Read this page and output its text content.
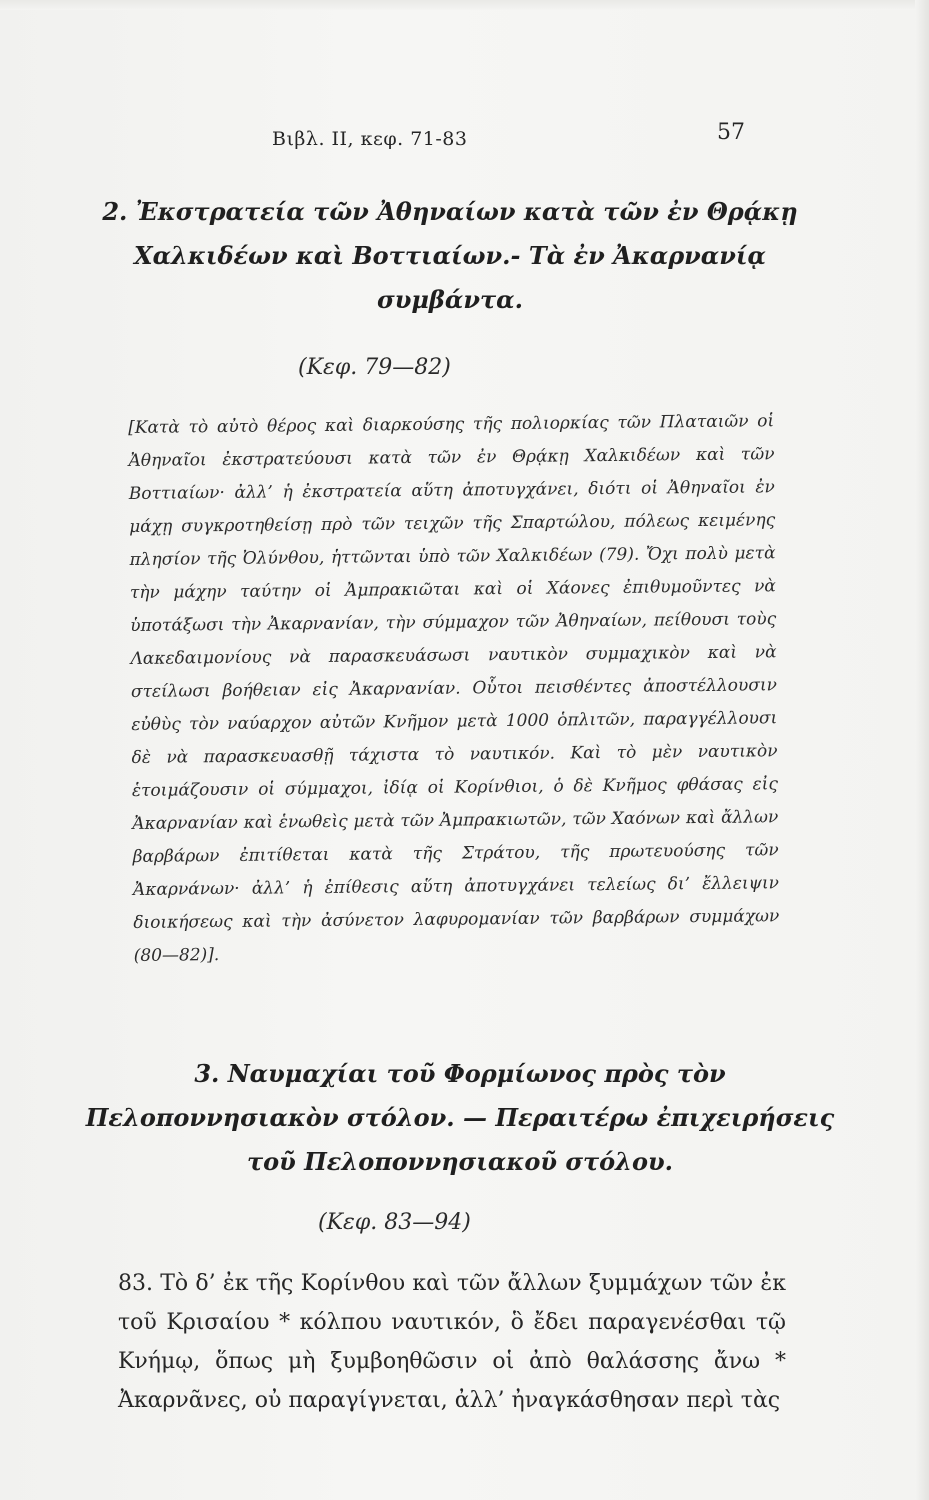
Βιβλ. ΙΙ, κεφ. 71-83	57
2. Ἐκστρατεία τῶν Ἀθηναίων κατὰ τῶν ἐν Θρᾴκῃ Χαλκιδέων καὶ Βοττιαίων.- Τὰ ἐν Ἀκαρνανίᾳ συμβάντα.
(Κεφ. 79—82)
[Κατὰ τὸ αὐτὸ θέρος καὶ διαρκούσης τῆς πολιορκίας τῶν Πλαταιῶν οἱ Ἀθηναῖοι ἐκστρατεύουσι κατὰ τῶν ἐν Θρᾴκῃ Χαλκιδέων καὶ τῶν Βοττιαίων· ἀλλ’ ἡ ἐκστρατεία αὕτη ἀποτυγχάνει, διότι οἱ Ἀθηναῖοι ἐν μάχῃ συγκροτηθείσῃ πρὸ τῶν τειχῶν τῆς Σπαρτώλου, πόλεως κειμένης πλησίον τῆς Ὀλύνθου, ἡττῶνται ὑπὸ τῶν Χαλκιδέων (79). Ὄχι πολὺ μετὰ τὴν μάχην ταύτην οἱ Ἀμπρακιῶται καὶ οἱ Χάονες ἐπιθυμοῦντες νὰ ὑποτάξωσι τὴν Ἀκαρνανίαν, τὴν σύμμαχον τῶν Ἀθηναίων, πείθουσι τοὺς Λακεδαιμονίους νὰ παρασκευάσωσι ναυτικὸν συμμαχικὸν καὶ νὰ στείλωσι βοήθειαν εἰς Ἀκαρνανίαν. Οὗτοι πεισθέντες ἀποστέλλουσιν εὐθὺς τὸν ναύαρχον αὐτῶν Κνῆμον μετὰ 1000 ὁπλιτῶν, παραγγέλλουσι δὲ νὰ παρασκευασθῇ τάχιστα τὸ ναυτικόν. Καὶ τὸ μὲν ναυτικὸν ἑτοιμάζουσιν οἱ σύμμαχοι, ἰδίᾳ οἱ Κορίνθιοι, ὁ δὲ Κνῆμος φθάσας εἰς Ἀκαρνανίαν καὶ ἑνωθεὶς μετὰ τῶν Ἀμπρακιωτῶν, τῶν Χαόνων καὶ ἄλλων βαρβάρων ἐπιτίθεται κατὰ τῆς Στράτου, τῆς πρωτευούσης τῶν Ἀκαρνάνων· ἀλλ’ ἡ ἐπίθεσις αὕτη ἀποτυγχάνει τελείως δι’ ἔλλειψιν διοικήσεως καὶ τὴν ἀσύνετον λαφυρομανίαν τῶν βαρβάρων συμμάχων (80—82)].
3. Ναυμαχίαι τοῦ Φορμίωνος πρὸς τὸν Πελοποννησιακὸν στόλον. — Περαιτέρω ἐπιχειρήσεις τοῦ Πελοποννησιακοῦ στόλου.
(Κεφ. 83—94)
83. Τὸ δ’ ἐκ τῆς Κορίνθου καὶ τῶν ἄλλων ξυμμάχων τῶν ἐκ τοῦ Κρισαίου * κόλπου ναυτικόν, ὃ ἔδει παραγενέσθαι τῷ Κνήμῳ, ὅπως μὴ ξυμβοηθῶσιν οἱ ἀπὸ θαλάσσης ἄνω * Ἀκαρνᾶνες, οὐ παραγίγνεται, ἀλλ’ ἠναγκάσθησαν περὶ τὰς
